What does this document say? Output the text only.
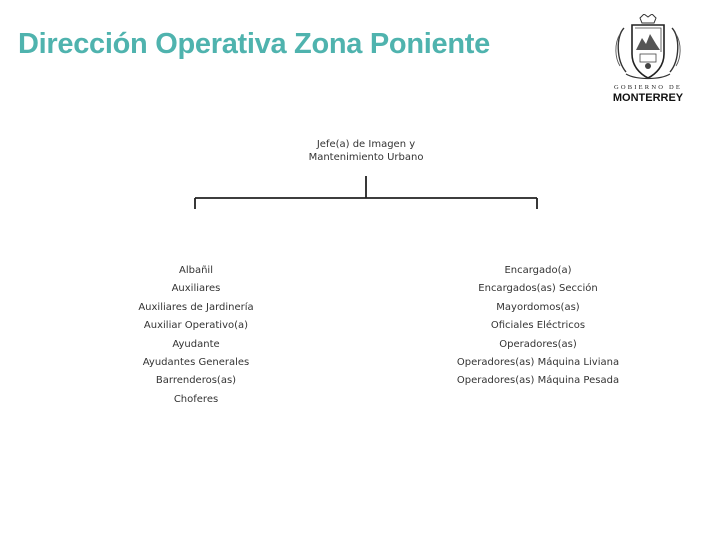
Dirección Operativa Zona Poniente
GOBIERNO DE
MONTERREY
Jefe(a) de Imagen y Mantenimiento Urbano
Albañil
Auxiliares
Auxiliares de Jardinería
Auxiliar Operativo(a)
Ayudante
Ayudantes Generales
Barrenderos(as)
Choferes
Encargado(a)
Encargados(as) Sección
Mayordomos(as)
Oficiales Eléctricos
Operadores(as)
Operadores(as) Máquina Liviana
Operadores(as) Máquina Pesada
